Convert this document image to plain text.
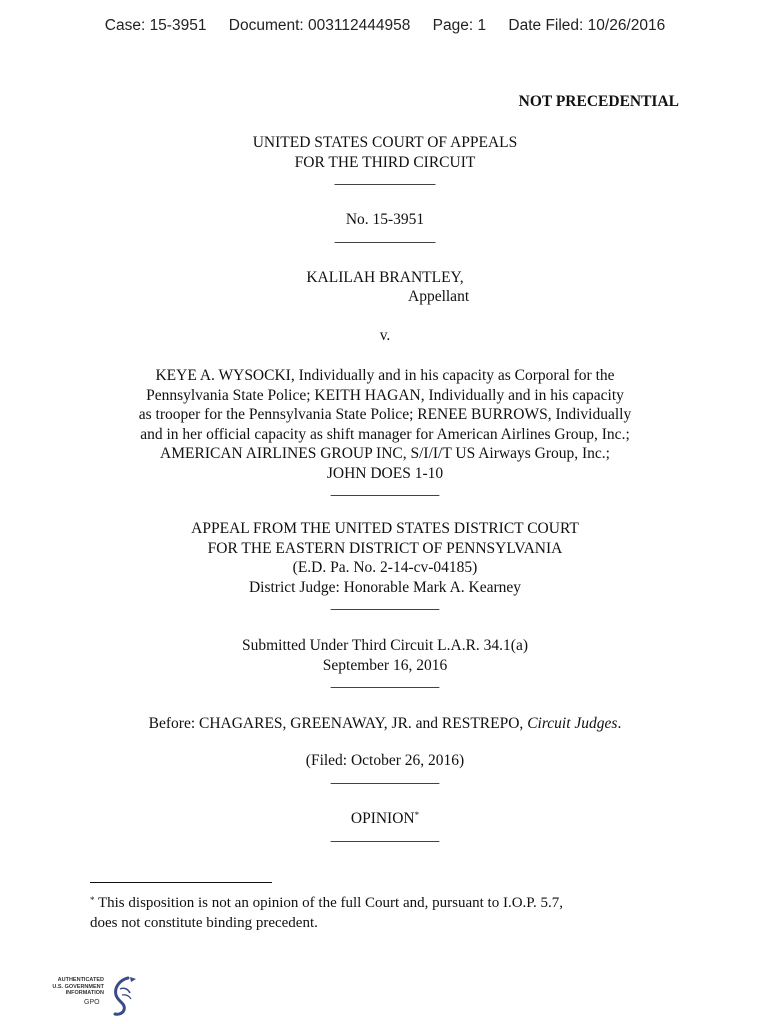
Case: 15-3951 Document: 003112444958 Page: 1 Date Filed: 10/26/2016
NOT PRECEDENTIAL
UNITED STATES COURT OF APPEALS
FOR THE THIRD CIRCUIT
_____________
No. 15-3951
_____________
KALILAH BRANTLEY,
Appellant
v.
KEYE A. WYSOCKI, Individually and in his capacity as Corporal for the
Pennsylvania State Police; KEITH HAGAN, Individually and in his capacity
as trooper for the Pennsylvania State Police; RENEE BURROWS, Individually
and in her official capacity as shift manager for American Airlines Group, Inc.;
AMERICAN AIRLINES GROUP INC, S/I/I/T US Airways Group, Inc.;
JOHN DOES 1-10
______________
APPEAL FROM THE UNITED STATES DISTRICT COURT
FOR THE EASTERN DISTRICT OF PENNSYLVANIA
(E.D. Pa. No. 2-14-cv-04185)
District Judge: Honorable Mark A. Kearney
______________
Submitted Under Third Circuit L.A.R. 34.1(a)
September 16, 2016
______________
Before: CHAGARES, GREENAWAY, JR. and RESTREPO, Circuit Judges.
(Filed: October 26, 2016)
______________
OPINION*
______________
* This disposition is not an opinion of the full Court and, pursuant to I.O.P. 5.7,
does not constitute binding precedent.
AUTHENTICATED
U.S. GOVERNMENT
INFORMATION
GPO
